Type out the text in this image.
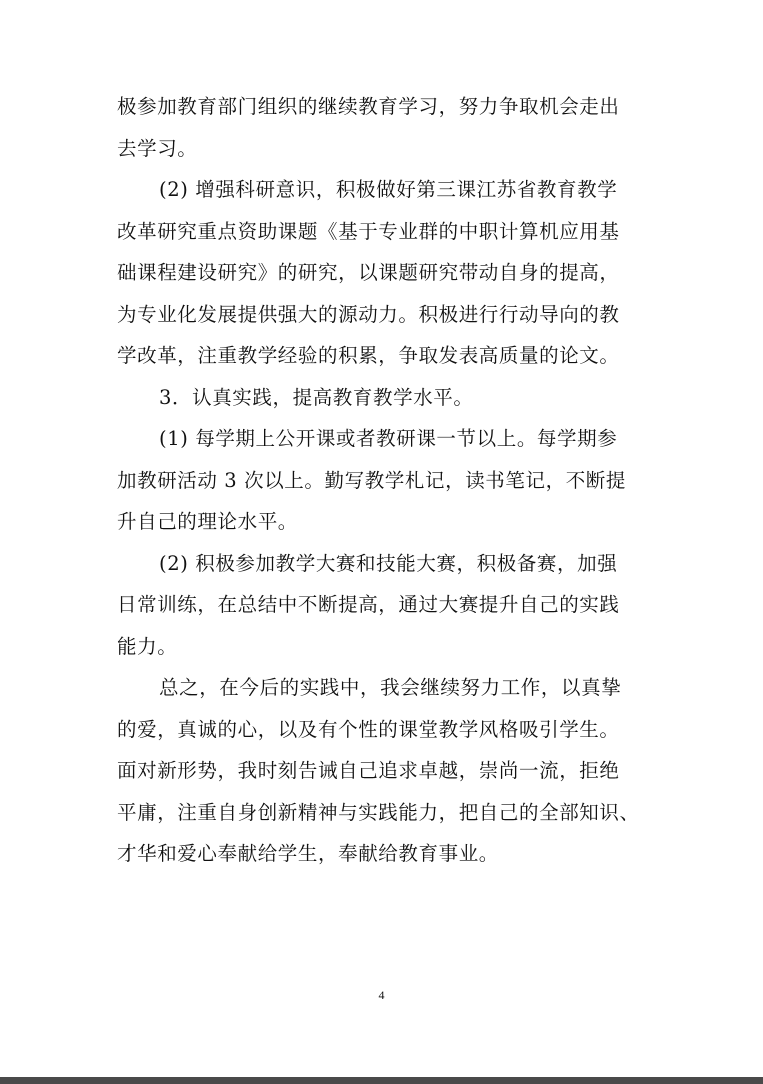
极参加教育部门组织的继续教育学习，努力争取机会走出
去学习。

(2) 增强科研意识，积极做好第三课江苏省教育教学
改革研究重点资助课题《基于专业群的中职计算机应用基
础课程建设研究》的研究，以课题研究带动自身的提高，
为专业化发展提供强大的源动力。积极进行行动导向的教
学改革，注重教学经验的积累，争取发表高质量的论文。

3．认真实践，提高教育教学水平。

(1) 每学期上公开课或者教研课一节以上。每学期参
加教研活动 3 次以上。勤写教学札记，读书笔记，不断提
升自己的理论水平。

(2) 积极参加教学大赛和技能大赛，积极备赛，加强
日常训练，在总结中不断提高，通过大赛提升自己的实践
能力。

总之，在今后的实践中，我会继续努力工作，以真挚
的爱，真诚的心，以及有个性的课堂教学风格吸引学生。
面对新形势，我时刻告诫自己追求卓越，崇尚一流，拒绝
平庸，注重自身创新精神与实践能力，把自己的全部知识、
才华和爱心奉献给学生，奉献给教育事业。

4
